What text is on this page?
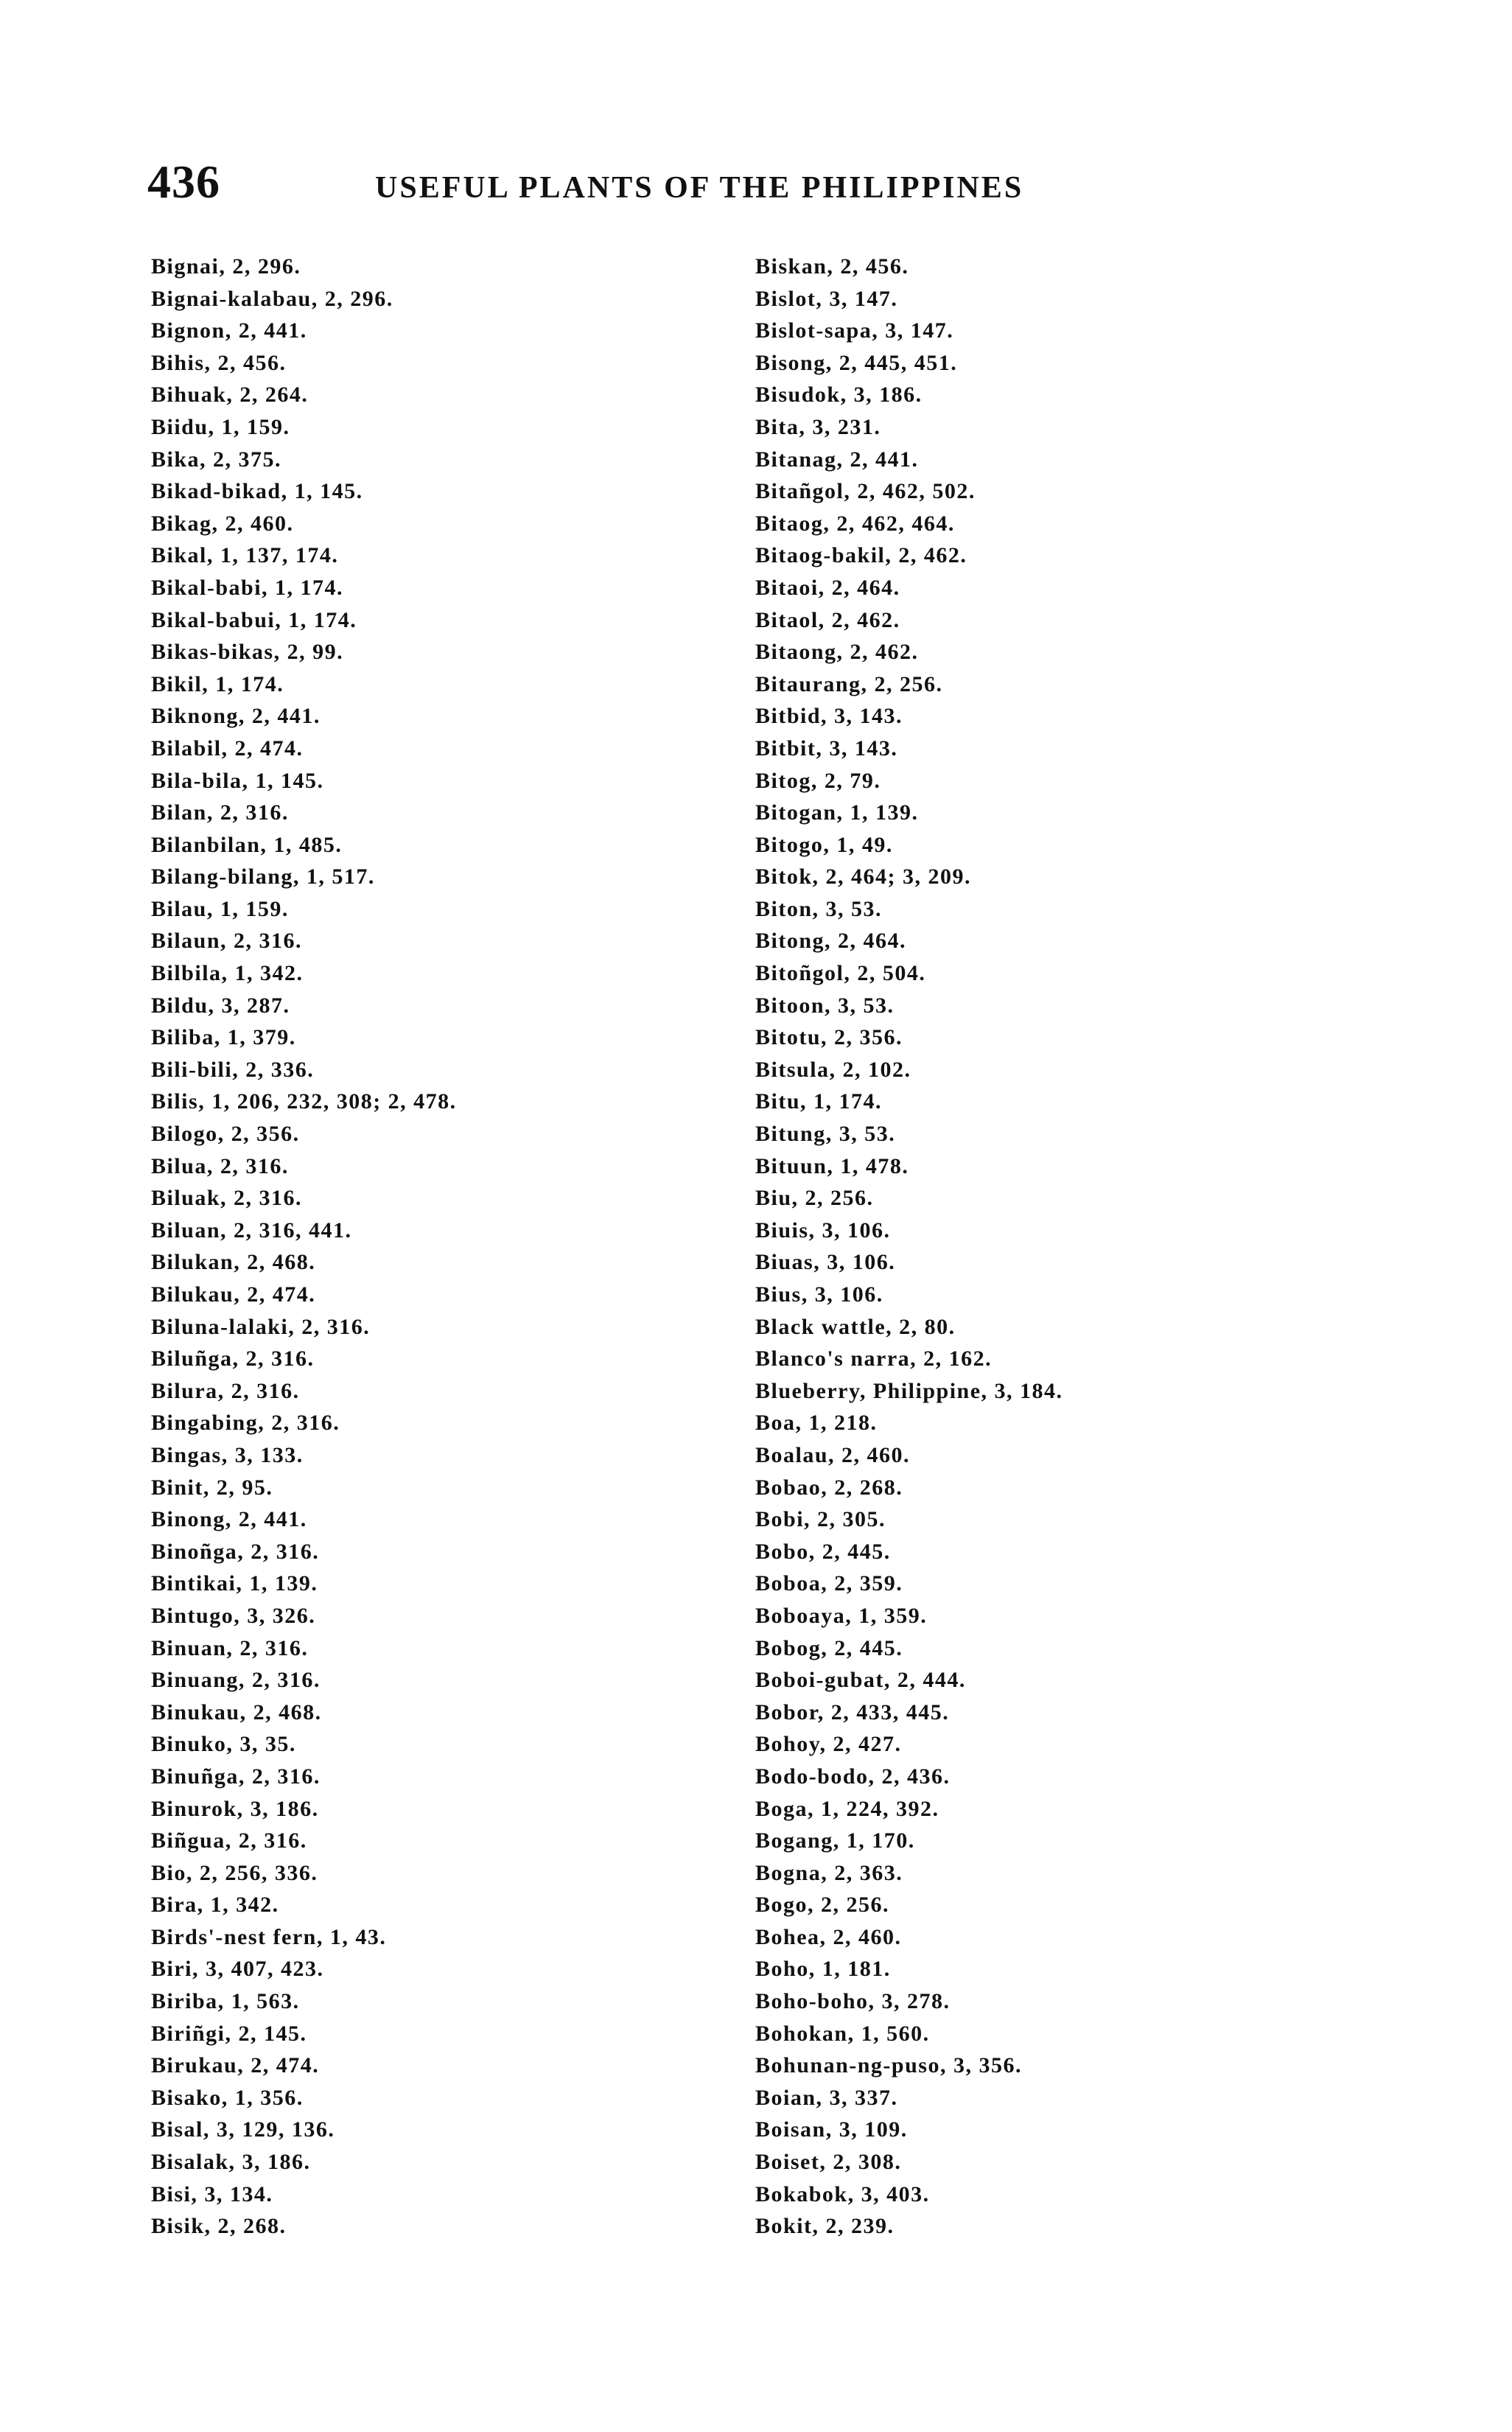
436	USEFUL PLANTS OF THE PHILIPPINES
Bignai, 2, 296.
Bignai-kalabau, 2, 296.
Bignon, 2, 441.
Bihis, 2, 456.
Bihuak, 2, 264.
Biidu, 1, 159.
Bika, 2, 375.
Bikad-bikad, 1, 145.
Bikag, 2, 460.
Bikal, 1, 137, 174.
Bikal-babi, 1, 174.
Bikal-babui, 1, 174.
Bikas-bikas, 2, 99.
Bikil, 1, 174.
Biknong, 2, 441.
Bilabil, 2, 474.
Bila-bila, 1, 145.
Bilan, 2, 316.
Bilanbilan, 1, 485.
Bilang-bilang, 1, 517.
Bilau, 1, 159.
Bilaun, 2, 316.
Bilbila, 1, 342.
Bildu, 3, 287.
Biliba, 1, 379.
Bili-bili, 2, 336.
Bilis, 1, 206, 232, 308; 2, 478.
Bilogo, 2, 356.
Bilua, 2, 316.
Biluak, 2, 316.
Biluan, 2, 316, 441.
Bilukan, 2, 468.
Bilukau, 2, 474.
Biluna-lalaki, 2, 316.
Biluñga, 2, 316.
Bilura, 2, 316.
Bingabing, 2, 316.
Bingas, 3, 133.
Binit, 2, 95.
Binong, 2, 441.
Binoñga, 2, 316.
Bintikai, 1, 139.
Bintugo, 3, 326.
Binuan, 2, 316.
Binuang, 2, 316.
Binukau, 2, 468.
Binuko, 3, 35.
Binuñga, 2, 316.
Binurok, 3, 186.
Biñgua, 2, 316.
Bio, 2, 256, 336.
Bira, 1, 342.
Birds'-nest fern, 1, 43.
Biri, 3, 407, 423.
Biriba, 1, 563.
Biriñgi, 2, 145.
Birukau, 2, 474.
Bisako, 1, 356.
Bisal, 3, 129, 136.
Bisalak, 3, 186.
Bisi, 3, 134.
Bisik, 2, 268.
Biskan, 2, 456.
Bislot, 3, 147.
Bislot-sapa, 3, 147.
Bisong, 2, 445, 451.
Bisudok, 3, 186.
Bita, 3, 231.
Bitanag, 2, 441.
Bitañgol, 2, 462, 502.
Bitaog, 2, 462, 464.
Bitaog-bakil, 2, 462.
Bitaoi, 2, 464.
Bitaol, 2, 462.
Bitaong, 2, 462.
Bitaurang, 2, 256.
Bitbid, 3, 143.
Bitbit, 3, 143.
Bitog, 2, 79.
Bitogan, 1, 139.
Bitogo, 1, 49.
Bitok, 2, 464; 3, 209.
Biton, 3, 53.
Bitong, 2, 464.
Bitoñgol, 2, 504.
Bitoon, 3, 53.
Bitotu, 2, 356.
Bitsula, 2, 102.
Bitu, 1, 174.
Bitung, 3, 53.
Bituun, 1, 478.
Biu, 2, 256.
Biuis, 3, 106.
Biuas, 3, 106.
Bius, 3, 106.
Black wattle, 2, 80.
Blanco's narra, 2, 162.
Blueberry, Philippine, 3, 184.
Boa, 1, 218.
Boalau, 2, 460.
Bobao, 2, 268.
Bobi, 2, 305.
Bobo, 2, 445.
Boboa, 2, 359.
Boboaya, 1, 359.
Bobog, 2, 445.
Boboi-gubat, 2, 444.
Bobor, 2, 433, 445.
Bohoy, 2, 427.
Bodo-bodo, 2, 436.
Boga, 1, 224, 392.
Bogang, 1, 170.
Bogna, 2, 363.
Bogo, 2, 256.
Bohea, 2, 460.
Boho, 1, 181.
Boho-boho, 3, 278.
Bohokan, 1, 560.
Bohunan-ng-puso, 3, 356.
Boian, 3, 337.
Boisan, 3, 109.
Boiset, 2, 308.
Bokabok, 3, 403.
Bokit, 2, 239.
